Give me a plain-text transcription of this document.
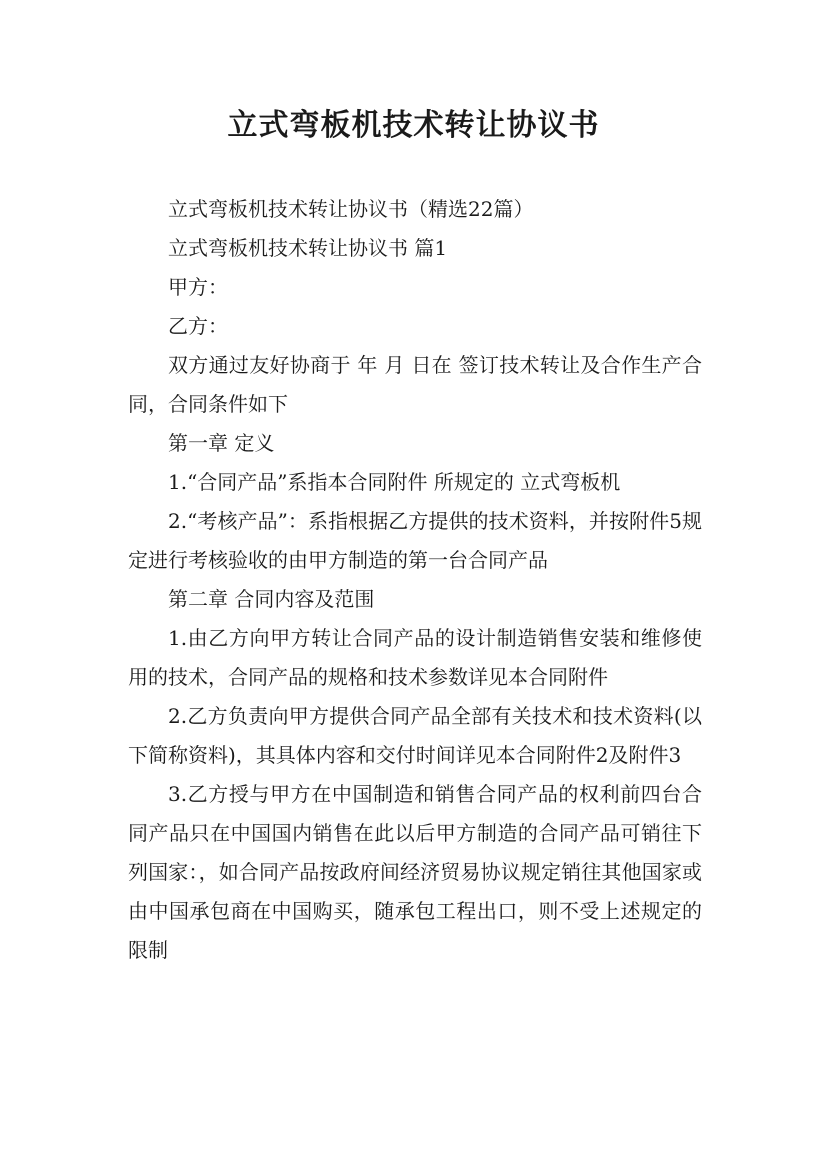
立式弯板机技术转让协议书

立式弯板机技术转让协议书（精选22篇）

立式弯板机技术转让协议书 篇1

甲方：

乙方：

双方通过友好协商于 年 月 日在 签订技术转让及合作生产合同，合同条件如下

第一章 定义

1.“合同产品”系指本合同附件 所规定的 立式弯板机

2.“考核产品”：系指根据乙方提供的技术资料，并按附件5规定进行考核验收的由甲方制造的第一台合同产品

第二章 合同内容及范围

1.由乙方向甲方转让合同产品的设计制造销售安装和维修使用的技术，合同产品的规格和技术参数详见本合同附件

2.乙方负责向甲方提供合同产品全部有关技术和技术资料(以下简称资料)，其具体内容和交付时间详见本合同附件2及附件3

3.乙方授与甲方在中国制造和销售合同产品的权利前四台合同产品只在中国国内销售在此以后甲方制造的合同产品可销往下列国家：，如合同产品按政府间经济贸易协议规定销往其他国家或由中国承包商在中国购买，随承包工程出口，则不受上述规定的限制
